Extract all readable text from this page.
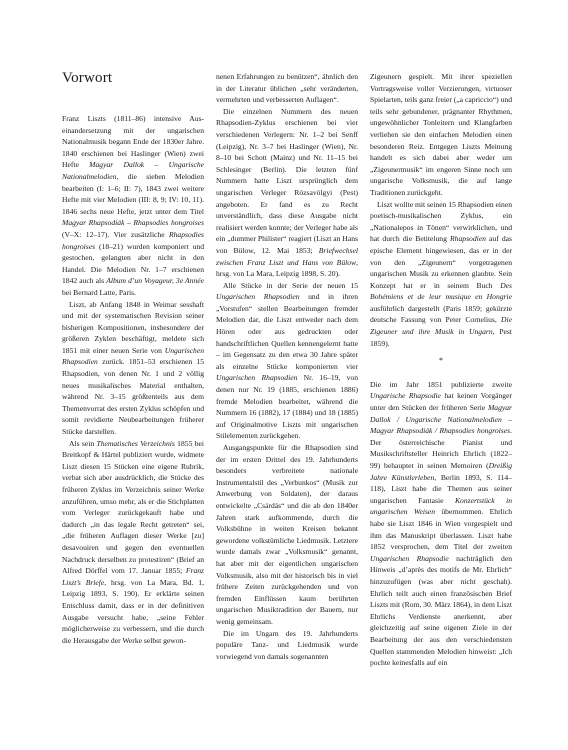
Vorwort

Franz Liszts (1811–86) intensive Aus-einandersetzung mit der ungarischen Nationalmusik begann Ende der 1830er Jahre. 1840 erschienen bei Haslinger (Wien) zwei Hefte Magyar Dallok – Ungarische Nationalmelodien, die sieben Melodien bearbeiten (I: 1–6; II: 7), 1843 zwei weitere Hefte mit vier Melodien (III: 8, 9; IV: 10, 11). 1846 sechs neue Hefte, jetzt unter dem Titel Magyar Rhapsodiák – Rhapsodies hongroises (V–X: 12–17). Vier zusätzliche Rhapsodies hongroises (18–21) wurden komponiert und gestochen, gelangten aber nicht in den Handel. Die Melodien Nr. 1–7 erschienen 1842 auch als Album d’un Voyageur, 3e Année bei Bernard Latte, Paris.

Liszt, ab Anfang 1848 in Weimar sesshaft und mit der systematischen Revision seiner bisherigen Kompositionen, insbesondere der größeren Zyklen beschäftigt, meldete sich 1851 mit einer neuen Serie von Ungarischen Rhapsodien zurück. 1851–53 erschienen 15 Rhapsodien, von denen Nr. 1 und 2 völlig neues musikalisches Material enthalten, während Nr. 3–15 größtenteils aus dem Themenvorrat des ersten Zyklus schöpfen und somit revidierte Neubearbeitungen früherer Stücke darstellen.

Als sein Thematisches Verzeichnis 1855 bei Breitkopf & Härtel publiziert wurde, widmete Liszt diesen 15 Stücken eine eigene Rubrik, verbat sich aber ausdrücklich, die Stücke des früheren Zyklus im Verzeichnis seiner Werke anzuführen, umso mehr, als er die Stichplatten vom Verleger zurückgekauft habe und dadurch „in das legale Recht getreten“ sei, „die früheren Auflagen dieser Werke [zu] desavouiren und gegen den eventuellen Nachdruck derselben zu protestiren“ (Brief an Alfred Dörffel vom 17. Januar 1855; Franz Liszt’s Briefe, hrsg. von La Mara, Bd. 1, Leipzig 1893, S. 190). Er erklärte seinen Entschluss damit, dass er in der definitiven Ausgabe versucht habe, „seine Fehler möglicherweise zu verbessern, und die durch die Herausgabe der Werke selbst gewon-

nenen Erfahrungen zu benützen“, ähnlich den in der Literatur üblichen „sehr veränderten, vermehrten und verbesserten Auflagen“.

Die einzelnen Nummern des neuen Rhapsodien-Zyklus erschienen bei vier verschiedenen Verlegern: Nr. 1–2 bei Senff (Leipzig), Nr. 3–7 bei Haslinger (Wien), Nr. 8–10 bei Schott (Mainz) und Nr. 11–15 bei Schlesinger (Berlin). Die letzten fünf Nummern hatte Liszt ursprünglich dem ungarischen Verleger Rózsavölgyi (Pest) angeboten. Er fand es zu Recht unverständlich, dass diese Ausgabe nicht realisiert werden konnte; der Verleger habe als ein „dummer Philister“ reagiert (Liszt an Hans von Bülow, 12. Mai 1853; Briefwechsel zwischen Franz Liszt und Hans von Bülow, hrsg. von La Mara, Leipzig 1898, S. 20).

Alle Stücke in der Serie der neuen 15 Ungarischen Rhapsodien und in ihren „Vorstufen“ stellen Bearbeitungen fremder Melodien dar, die Liszt entweder nach dem Hören oder aus gedruckten oder handschriftlichen Quellen kennengelernt hatte – im Gegensatz zu den etwa 30 Jahre später als einzelne Stücke komponierten vier Ungarischen Rhapsodien Nr. 16–19, von denen nur Nr. 19 (1885, erschienen 1886) fremde Melodien bearbeitet, während die Nummern 16 (1882), 17 (1884) und 18 (1885) auf Originalmotive Liszts mit ungarischen Stilelementen zurückgehen.

Ausgangspunkte für die Rhapsodien sind der im ersten Drittel des 19. Jahrhunderts besonders verbreitete nationale Instrumentalstil des „Verbunkos“ (Musik zur Anwerbung von Soldaten), der daraus entwickelte „Csárdás“ und die ab den 1840er Jahren stark aufkommende, durch die Volksbühne in weiten Kreisen bekannt gewordene volkstümliche Liedmusik. Letztere wurde damals zwar „Volksmusik“ genannt, hat aber mit der eigentlichen ungarischen Volksmusik, also mit der historisch bis in viel frühere Zeiten zurückgehenden und von fremden Einflüssen kaum berührten ungarischen Musiktradition der Bauern, nur wenig gemeinsam.

Die im Ungarn des 19. Jahrhunderts populäre Tanz- und Liedmusik wurde vorwiegend von damals sogenannten

Zigeunern gespielt. Mit ihrer speziellen Vortragsweise voller Verzierungen, virtuoser Spielarten, teils ganz freier („a capriccio“) und teils sehr gebundener, prägnanter Rhythmen, ungewöhnlicher Tonleitern und Klangfarben verliehen sie den einfachen Melodien einen besonderen Reiz. Entgegen Liszts Meinung handelt es sich dabei aber weder um „Zigeunermusik“ im engeren Sinne noch um ungarische Volksmusik, die auf lange Traditionen zurückgeht.

Liszt wollte mit seinen 15 Rhapsodien einen poetisch-musikalischen Zyklus, ein „Nationalepos in Tönen“ verwirklichen, und hat durch die Betitelung Rhapsodien auf das epische Element hingewiesen, das er in der von den „Zigeunern“ vorgetragenen ungarischen Musik zu erkennen glaubte. Sein Konzept hat er in seinem Buch Des Bohémiens et de leur musique en Hongrie ausführlich dargestellt (Paris 1859; gekürzte deutsche Fassung von Peter Cornelius, Die Zigeuner und ihre Musik in Ungarn, Pest 1859).

*

Die im Jahr 1851 publizierte zweite Ungarische Rhapsodie hat keinen Vorgänger unter den Stücken der früheren Serie Magyar Dallok / Ungarische Nationalmelodien – Magyar Rhapsodiák / Rhapsodies hongroises. Der österreichische Pianist und Musikschriftsteller Heinrich Ehrlich (1822–99) behauptet in seinen Memoiren (Dreißig Jahre Künstlerleben, Berlin 1893, S. 114–118), Liszt habe die Themen aus seiner ungarischen Fantasie Konzertstück in ungarischen Weisen übernommen. Ehrlich habe sie Liszt 1846 in Wien vorgespielt und ihm das Manuskript überlassen. Liszt habe 1852 versprochen, dem Titel der zweiten Ungarischen Rhapsodie nachträglich den Hinweis „d’après des motifs de Mr. Ehrlich“ hinzuzufügen (was aber nicht geschah). Ehrlich teilt auch einen französischen Brief Liszts mit (Rom, 30. März 1864), in dem Liszt Ehrlichs Verdienste anerkennt, aber gleichzeitig auf seine eigenen Ziele in der Bearbeitung der aus den verschiedensten Quellen stammenden Melodien hinweist: „Ich pochte keinesfalls auf ein
